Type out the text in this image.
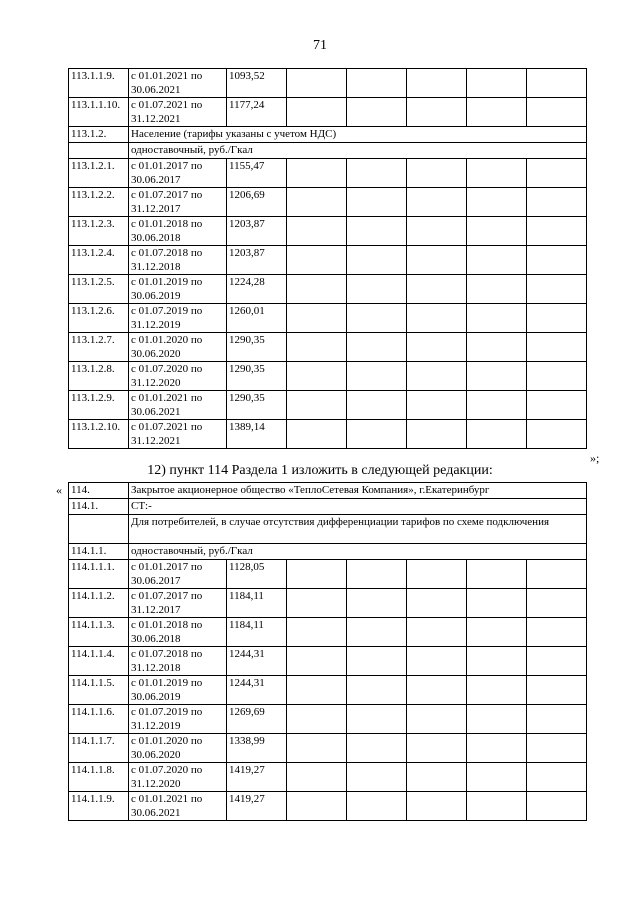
71
113.1.1.9.	с 01.01.2021 по
30.06.2021	1093,52					
113.1.1.10.	с 01.07.2021 по
31.12.2021	1177,24					
113.1.2.	Население (тарифы указаны с учетом НДС)						
	одноставочный, руб./Гкал						
113.1.2.1.	с 01.01.2017 по
30.06.2017	1155,47					
113.1.2.2.	с 01.07.2017 по
31.12.2017	1206,69					
113.1.2.3.	с 01.01.2018 по
30.06.2018	1203,87					
113.1.2.4.	с 01.07.2018 по
31.12.2018	1203,87					
113.1.2.5.	с 01.01.2019 по
30.06.2019	1224,28					
113.1.2.6.	с 01.07.2019 по
31.12.2019	1260,01					
113.1.2.7.	с 01.01.2020 по
30.06.2020	1290,35					
113.1.2.8.	с 01.07.2020 по
31.12.2020	1290,35					
113.1.2.9.	с 01.01.2021 по
30.06.2021	1290,35					
113.1.2.10.	с 01.07.2021 по
31.12.2021	1389,14					
»;
12) пункт 114 Раздела 1 изложить в следующей редакции:
« 114.	Закрытое акционерное общество «ТеплоСетевая Компания», г.Екатеринбург						
114.1.	СТ:-						
	Для потребителей, в случае отсутствия дифференциации тарифов по схеме подключения						
114.1.1.	одноставочный, руб./Гкал						
114.1.1.1.	с 01.01.2017 по
30.06.2017	1128,05					
114.1.1.2.	с 01.07.2017 по
31.12.2017	1184,11					
114.1.1.3.	с 01.01.2018 по
30.06.2018	1184,11					
114.1.1.4.	с 01.07.2018 по
31.12.2018	1244,31					
114.1.1.5.	с 01.01.2019 по
30.06.2019	1244,31					
114.1.1.6.	с 01.07.2019 по
31.12.2019	1269,69					
114.1.1.7.	с 01.01.2020 по
30.06.2020	1338,99					
114.1.1.8.	с 01.07.2020 по
31.12.2020	1419,27					
114.1.1.9.	с 01.01.2021 по
30.06.2021	1419,27					
